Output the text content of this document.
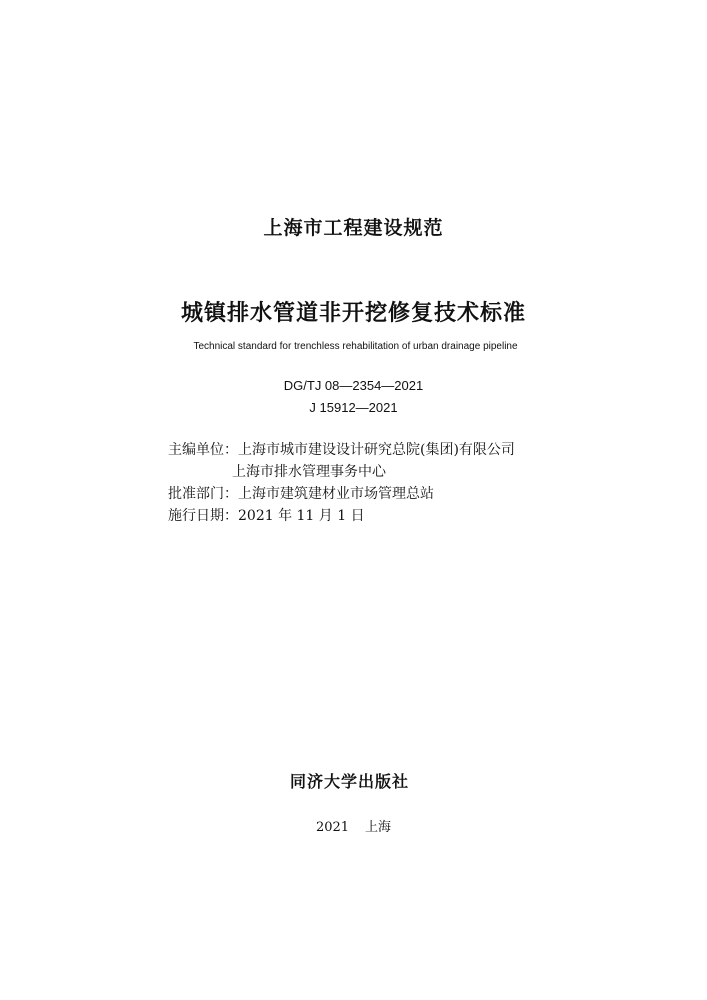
上海市工程建设规范
城镇排水管道非开挖修复技术标准
Technical standard for trenchless rehabilitation of urban drainage pipeline
DG/TJ 08—2354—2021
J 15912—2021
主编单位：上海市城市建设设计研究总院(集团)有限公司
上海市排水管理事务中心
批准部门：上海市建筑建材业市场管理总站
施行日期：2021 年 11 月 1 日
同济大学出版社
2021 上海
